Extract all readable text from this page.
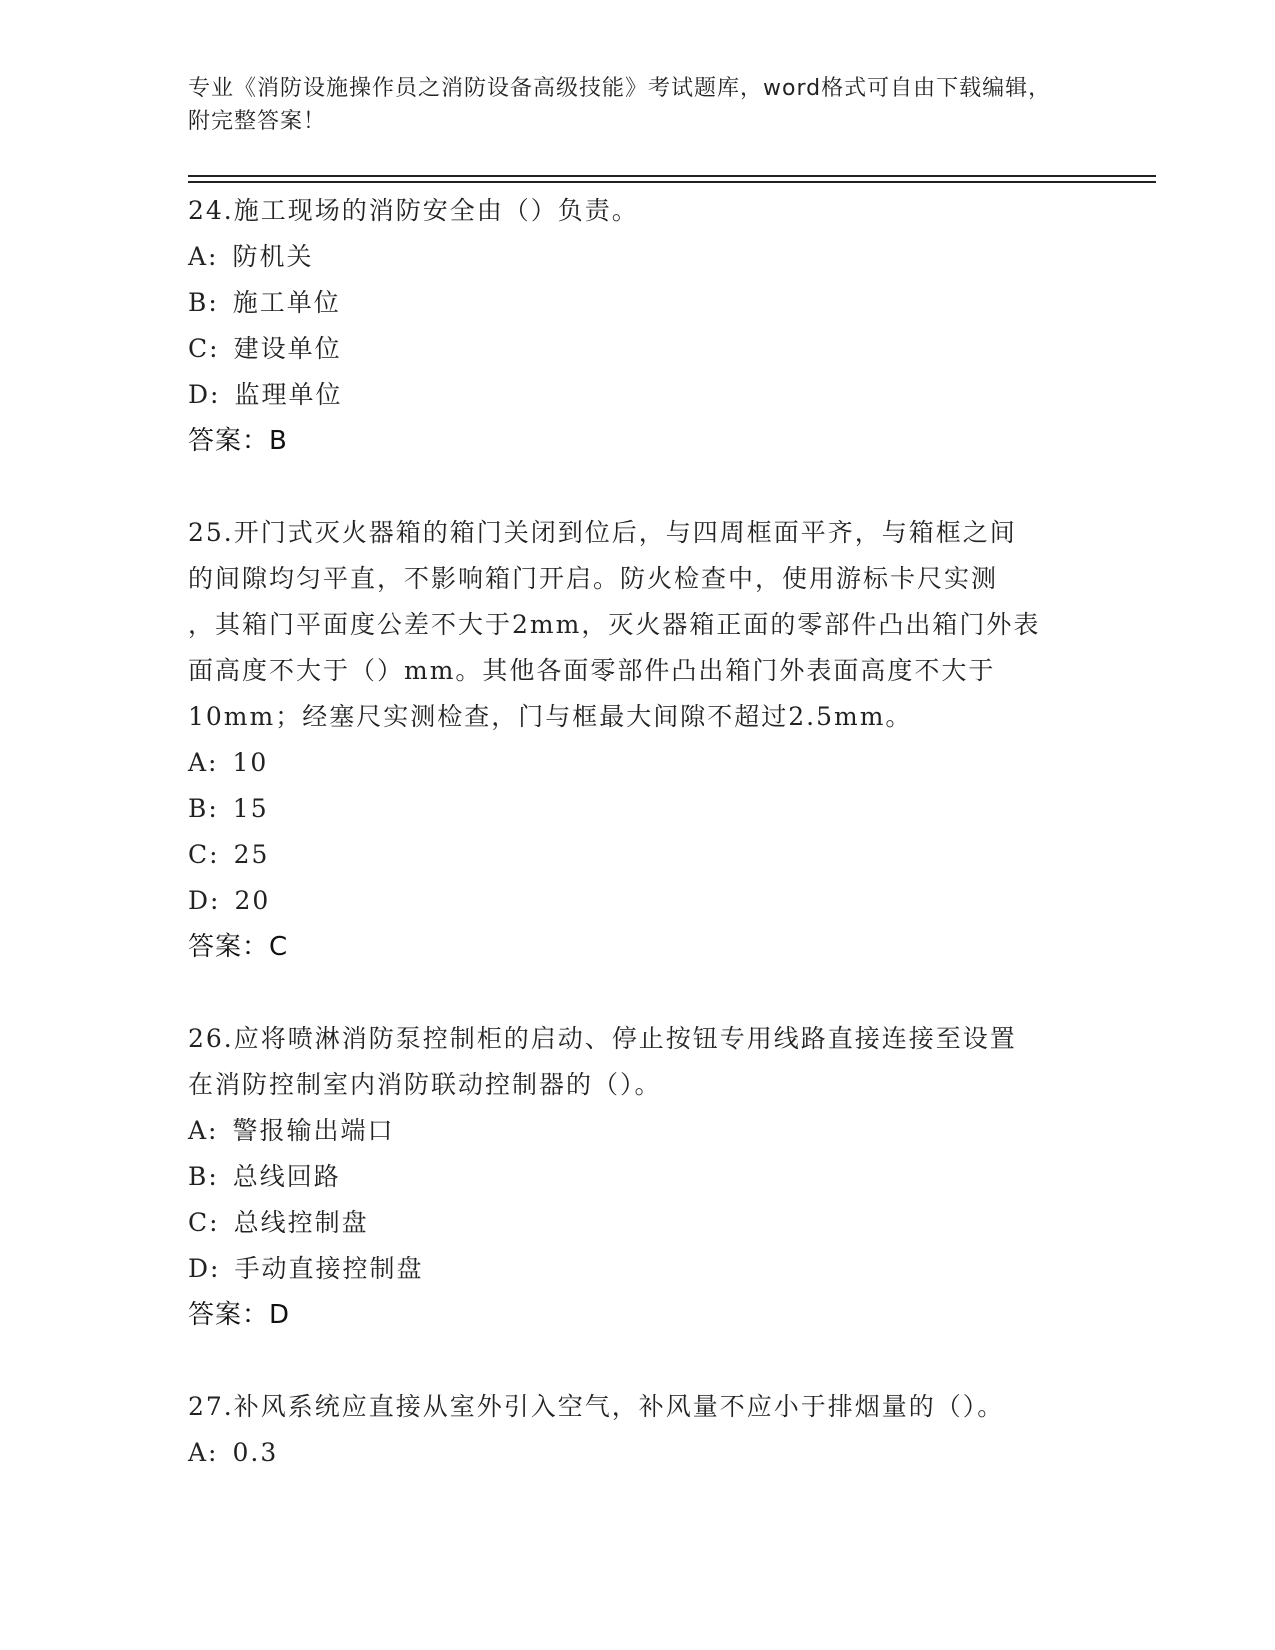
专业《消防设施操作员之消防设备高级技能》考试题库，word格式可自由下载编辑，附完整答案！

24.施工现场的消防安全由（）负责。

A: 防机关

B: 施工单位

C: 建设单位

D: 监理单位

答案：B

25.开门式灭火器箱的箱门关闭到位后，与四周框面平齐，与箱框之间

的间隙均匀平直，不影响箱门开启。防火检查中，使用游标卡尺实测

，其箱门平面度公差不大于2mm，灭火器箱正面的零部件凸出箱门外表

面高度不大于（）mm。其他各面零部件凸出箱门外表面高度不大于

10mm；经塞尺实测检查，门与框最大间隙不超过2.5mm。

A: 10

B: 15

C: 25

D: 20

答案：C

26.应将喷淋消防泵控制柜的启动、停止按钮专用线路直接连接至设置

在消防控制室内消防联动控制器的（）。

A: 警报输出端口

B: 总线回路

C: 总线控制盘

D: 手动直接控制盘

答案：D

27.补风系统应直接从室外引入空气，补风量不应小于排烟量的（）。

A: 0.3
